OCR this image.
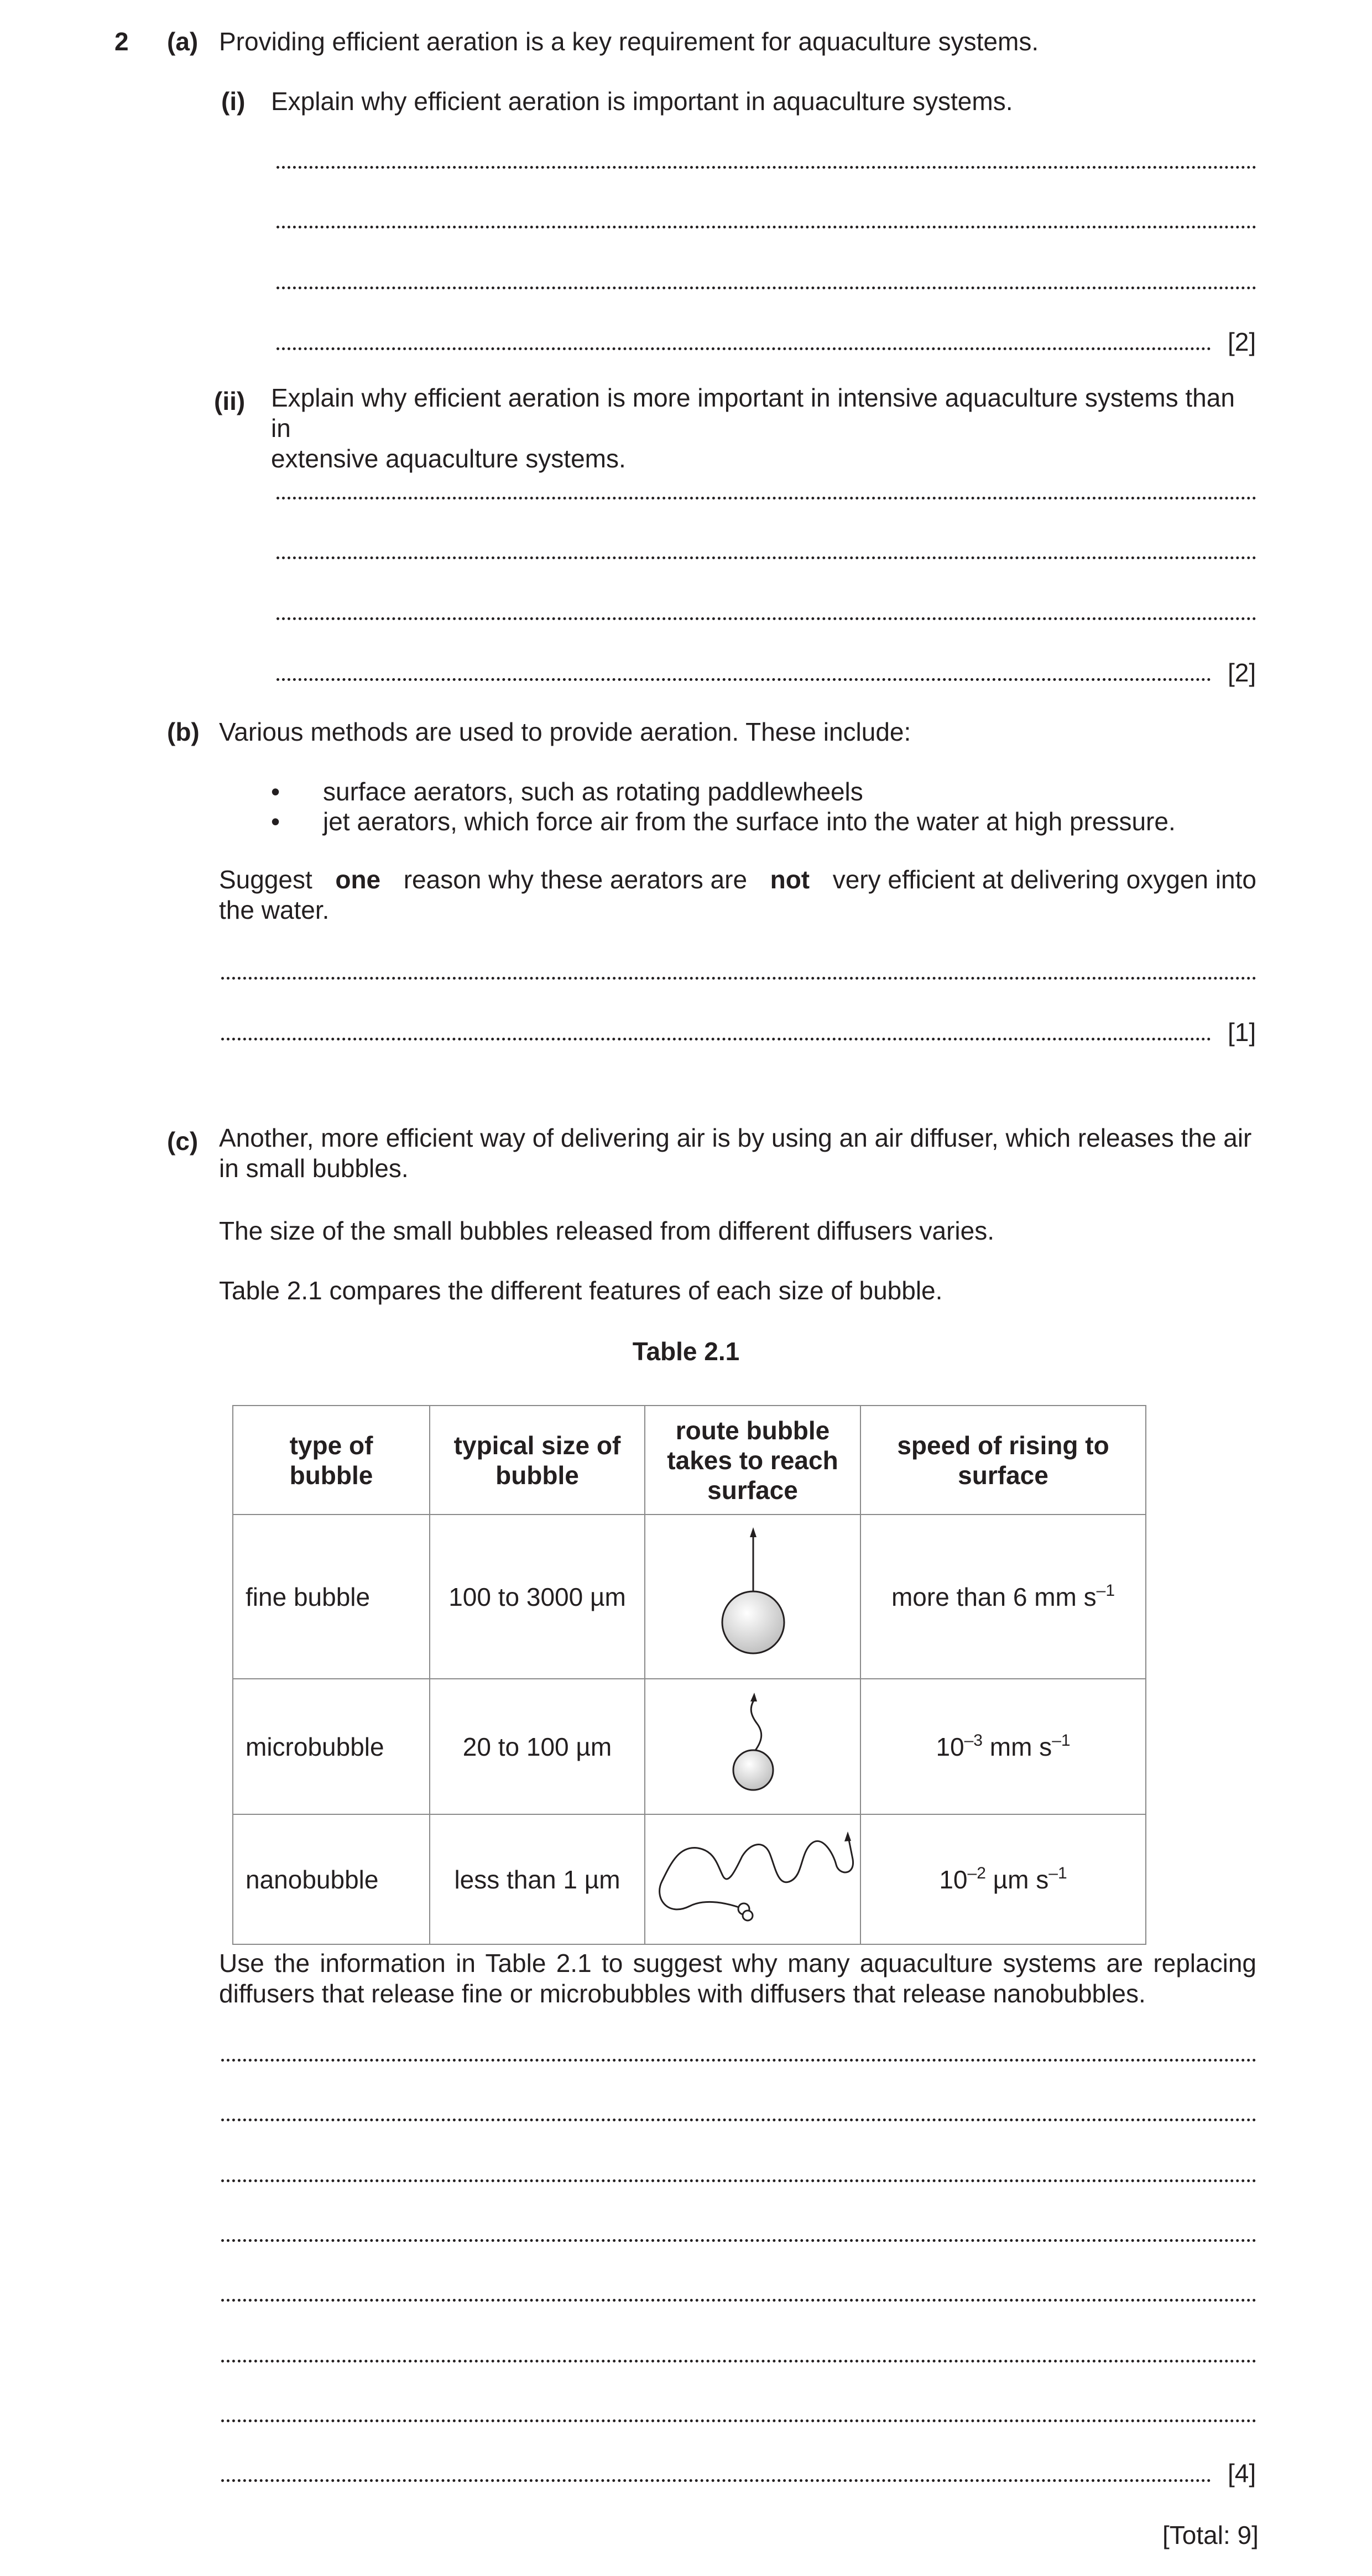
2 (a) Providing efficient aeration is a key requirement for aquaculture systems.
(i) Explain why efficient aeration is important in aquaculture systems.
[2]
(ii) Explain why efficient aeration is more important in intensive aquaculture systems than in
extensive aquaculture systems.
[2]
(b) Various methods are used to provide aeration. These include:
• surface aerators, such as rotating paddlewheels
• jet aerators, which force air from the surface into the water at high pressure.
Suggest one reason why these aerators are not very efficient at delivering oxygen into
the water.
[1]
(c) Another, more efficient way of delivering air is by using an air diffuser, which releases the air
in small bubbles.
The size of the small bubbles released from different diffusers varies.
Table 2.1 compares the different features of each size of bubble.
Table 2.1
type of bubble	typical size of bubble	route bubble takes to reach surface	speed of rising to surface
fine bubble	100 to 3000 µm		more than 6 mm $s^{-1}$
microbubble	20 to 100 µm		$10^{-3}$ mm $s^{-1}$
nanobubble	less than 1 µm		$10^{-2}$ µm $s^{-1}$
Use the information in Table 2.1 to suggest why many aquaculture systems are replacing
diffusers that release fine or microbubbles with diffusers that release nanobubbles.
[4]
[Total: 9]
